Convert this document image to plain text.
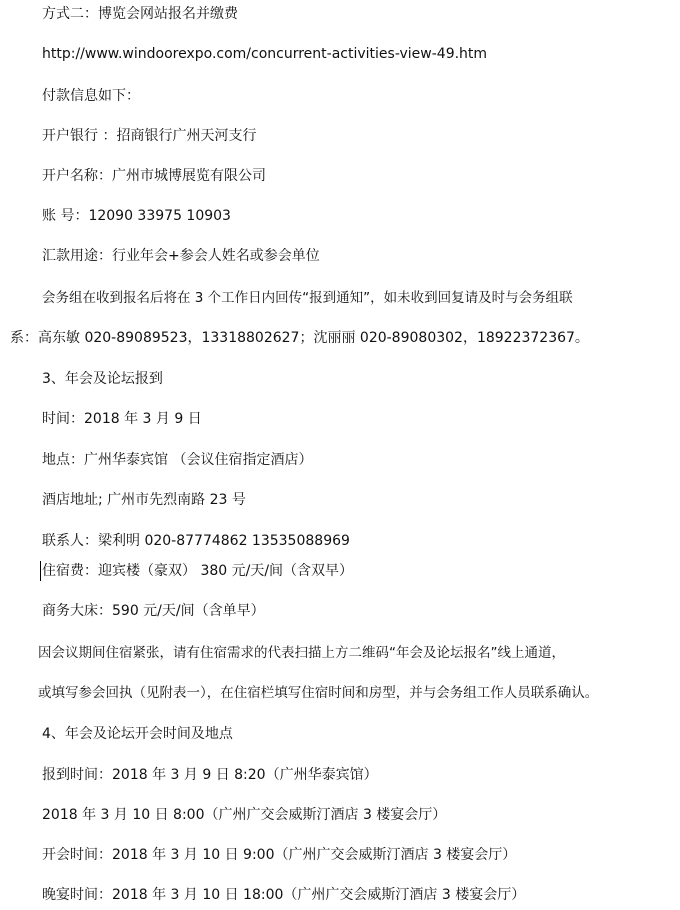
方式二：博览会网站报名并缴费
http://www.windoorexpo.com/concurrent-activities-view-49.htm
付款信息如下：
开户银行 ：招商银行广州天河支行
开户名称：广州市城博展览有限公司
账 号：12090 33975 10903
汇款用途：行业年会+参会人姓名或参会单位
会务组在收到报名后将在 3 个工作日内回传“报到通知”，如未收到回复请及时与会务组联
系：高东敏 020-89089523，13318802627；沈丽丽 020-89080302，18922372367。
3、年会及论坛报到
时间：2018 年 3 月 9 日
地点：广州华泰宾馆 （会议住宿指定酒店）
酒店地址; 广州市先烈南路 23 号
联系人：梁利明 020-87774862 13535088969
住宿费：迎宾楼（豪双） 380 元/天/间（含双早）
商务大床：590 元/天/间（含单早）
因会议期间住宿紧张，请有住宿需求的代表扫描上方二维码“年会及论坛报名”线上通道，
或填写参会回执（见附表一），在住宿栏填写住宿时间和房型，并与会务组工作人员联系确认。
4、年会及论坛开会时间及地点
报到时间：2018 年 3 月 9 日 8:20（广州华泰宾馆）
2018 年 3 月 10 日 8:00（广州广交会威斯汀酒店 3 楼宴会厅）
开会时间：2018 年 3 月 10 日 9:00（广州广交会威斯汀酒店 3 楼宴会厅）
晚宴时间：2018 年 3 月 10 日 18:00（广州广交会威斯汀酒店 3 楼宴会厅）
